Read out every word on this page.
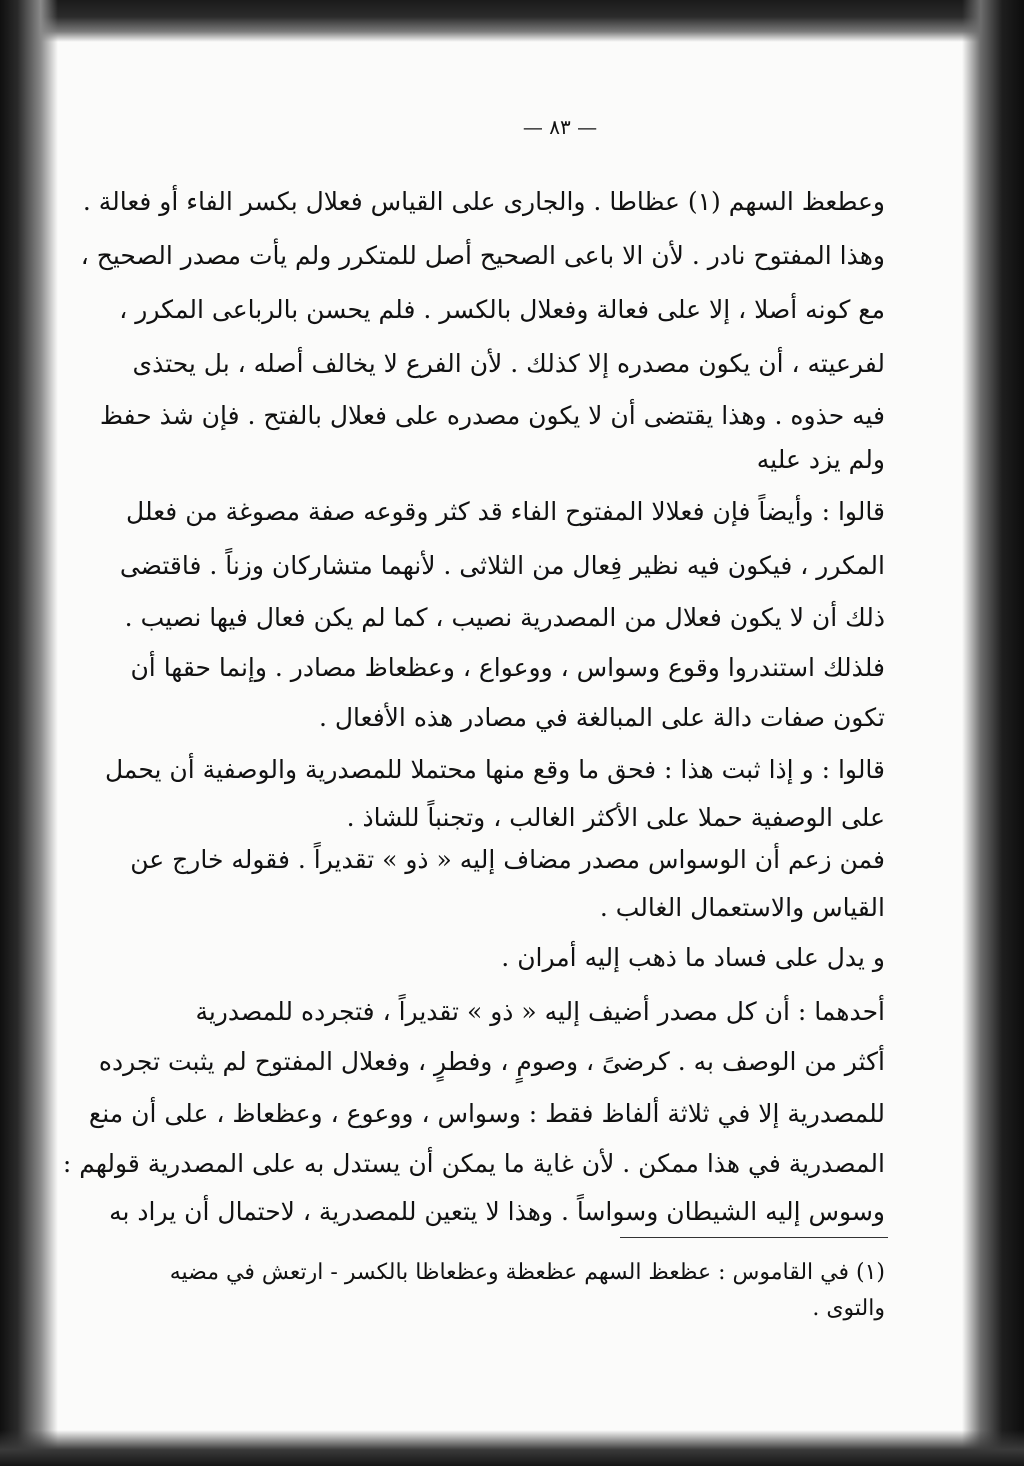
— ٨٣ —
وعطعظ السهم (١) عظاطا . والجارى على القياس فعلال بكسر الفاء أو فعالة .
وهذا المفتوح نادر . لأن الا باعى الصحيح أصل للمتكرر ولم يأت مصدر الصحيح ،
مع كونه أصلا ، إلا على فعالة وفعلال بالكسر . فلم يحسن بالرباعى المكرر ،
لفرعيته ، أن يكون مصدره إلا كذلك . لأن الفرع لا يخالف أصله ، بل يحتذى
فيه حذوه . وهذا يقتضى أن لا يكون مصدره على فعلال بالفتح . فإن شذ حفظ
ولم يزد عليه
قالوا : وأيضاً فإن فعلالا المفتوح الفاء قد كثر وقوعه صفة مصوغة من فعلل
المكرر ، فيكون فيه نظير فِعال من الثلاثى . لأنهما متشاركان وزناً . فاقتضى
ذلك أن لا يكون فعلال من المصدرية نصيب ، كما لم يكن فعال فيها نصيب .
فلذلك استندروا وقوع وسواس ، ووعواع ، وعظعاظ مصادر . وإنما حقها أن
تكون صفات دالة على المبالغة في مصادر هذه الأفعال .
قالوا : و إذا ثبت هذا : فحق ما وقع منها محتملا للمصدرية والوصفية أن يحمل
على الوصفية حملا على الأكثر الغالب ، وتجنباً للشاذ .
فمن زعم أن الوسواس مصدر مضاف إليه « ذو » تقديراً . فقوله خارج عن
القياس والاستعمال الغالب .
و يدل على فساد ما ذهب إليه أمران .
أحدهما : أن كل مصدر أضيف إليه « ذو » تقديراً ، فتجرده للمصدرية
أكثر من الوصف به . كرضىً ، وصومٍ ، وفطرٍ ، وفعلال المفتوح لم يثبت تجرده
للمصدرية إلا في ثلاثة ألفاظ فقط : وسواس ، ووعوع ، وعظعاظ ، على أن منع
المصدرية في هذا ممكن . لأن غاية ما يمكن أن يستدل به على المصدرية قولهم :
وسوس إليه الشيطان وسواساً . وهذا لا يتعين للمصدرية ، لاحتمال أن يراد به
(١) في القاموس : عظعظ السهم عظعظة وعظعاظا بالكسر - ارتعش في مضيه
والتوى .
